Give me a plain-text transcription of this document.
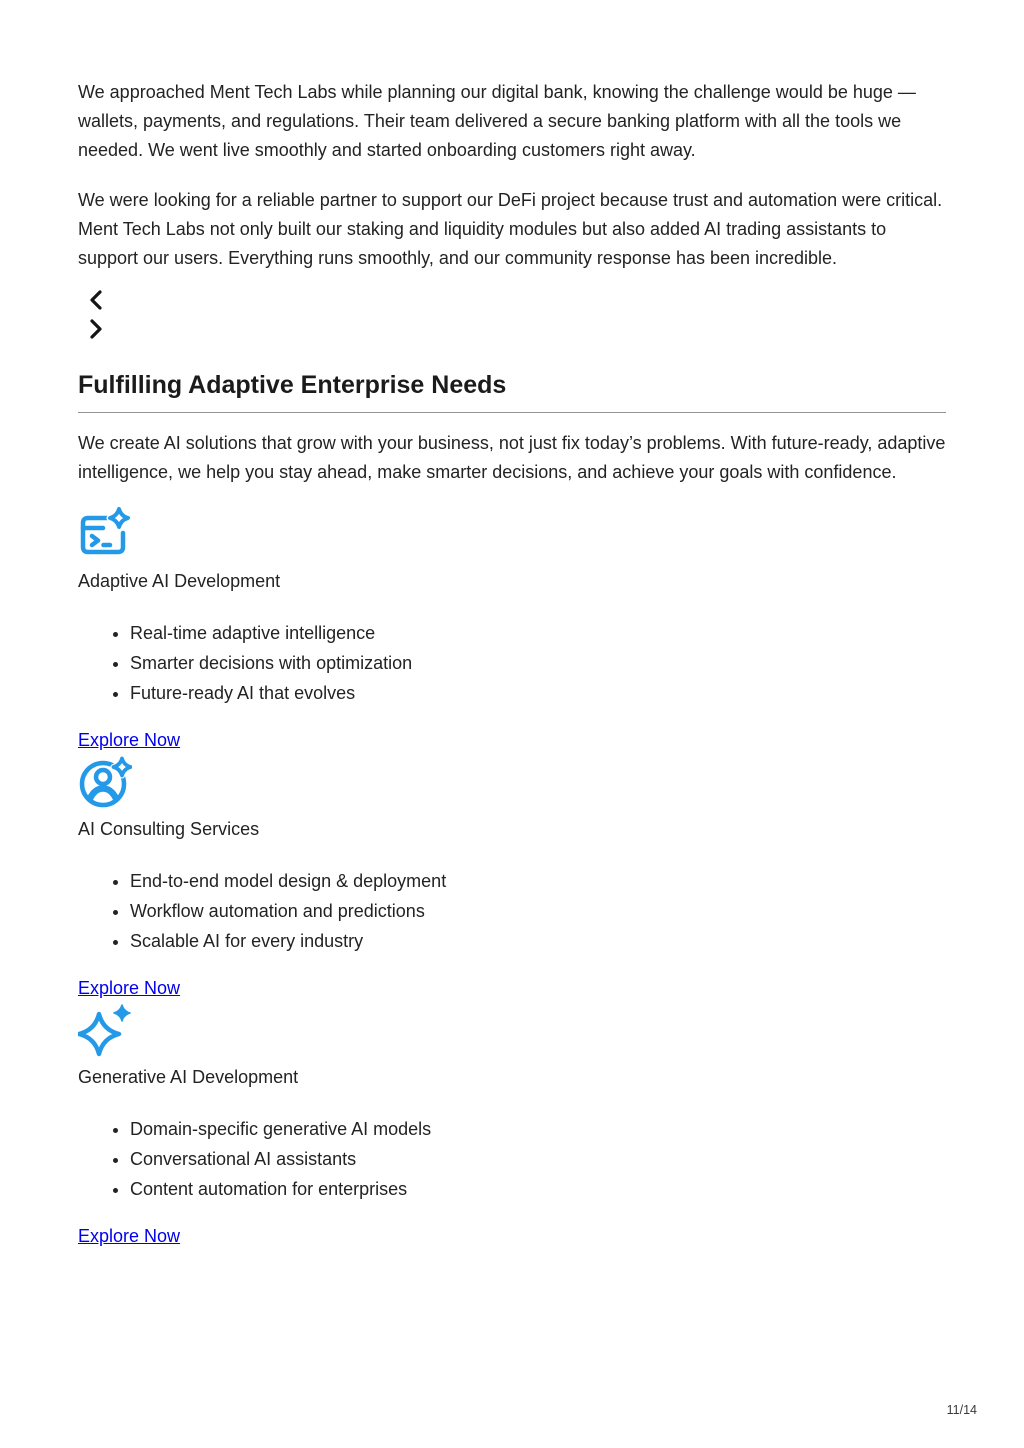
We approached Ment Tech Labs while planning our digital bank, knowing the challenge would be huge — wallets, payments, and regulations. Their team delivered a secure banking platform with all the tools we needed. We went live smoothly and started onboarding customers right away.

We were looking for a reliable partner to support our DeFi project because trust and automation were critical. Ment Tech Labs not only built our staking and liquidity modules but also added AI trading assistants to support our users. Everything runs smoothly, and our community response has been incredible.

Fulfilling Adaptive Enterprise Needs

We create AI solutions that grow with your business, not just fix today’s problems. With future-ready, adaptive intelligence, we help you stay ahead, make smarter decisions, and achieve your goals with confidence.

Adaptive AI Development
• Real-time adaptive intelligence
• Smarter decisions with optimization
• Future-ready AI that evolves
Explore Now
AI Consulting Services
• End-to-end model design & deployment
• Workflow automation and predictions
• Scalable AI for every industry
Explore Now
Generative AI Development
• Domain-specific generative AI models
• Conversational AI assistants
• Content automation for enterprises
Explore Now
11/14
